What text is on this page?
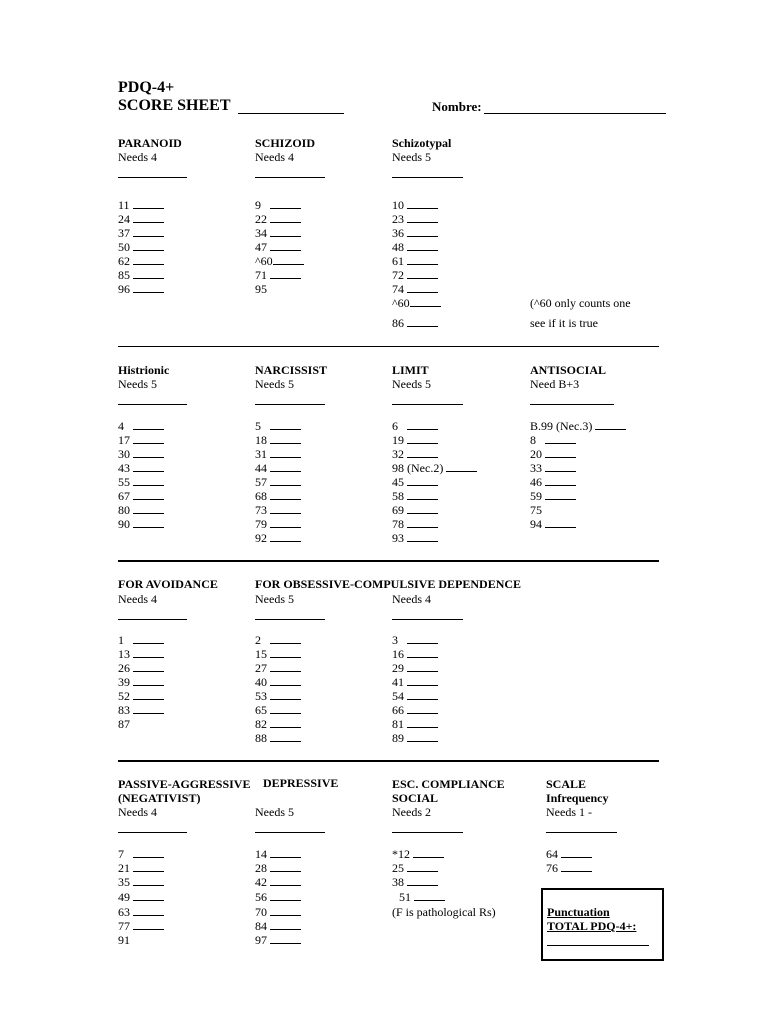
PDQ-4+
SCORE SHEET	Nombre:
PARANOID
Needs 4
SCHIZOID
Needs 4
Schizotypal
Needs 5
11
24
37
50
62
85
96
9
22
34
47
^60
71
95
10
23
36
48
61
72
74
^60
86
(^60 only counts one
see if it is true
Histrionic
Needs 5
NARCISSIST
Needs 5
LIMIT
Needs 5
ANTISOCIAL
Need B+3
4
17
30
43
55
67
80
90
5
18
31
44
57
68
73
79
92
6
19
32
98 (Nec.2)
45
58
69
78
93
B.99 (Nec.3)
8
20
33
46
59
75
94
FOR AVOIDANCE
Needs 4
FOR OBSESSIVE-COMPULSIVE DEPENDENCE
Needs 5	Needs 4
1
13
26
39
52
83
87
2
15
27
40
53
65
82
88
3
16
29
41
54
66
81
89
PASSIVE-AGGRESSIVE
(NEGATIVIST)
Needs 4
DEPRESSIVE
Needs 5
ESC. COMPLIANCE
SOCIAL
Needs 2
SCALE
Infrequency
Needs 1 -
7
21
35
49
63
77
91
14
28
42
56
70
84
97
*12
25
38
51
(F is pathological Rs)
64
76
Punctuation
TOTAL PDQ-4+:
